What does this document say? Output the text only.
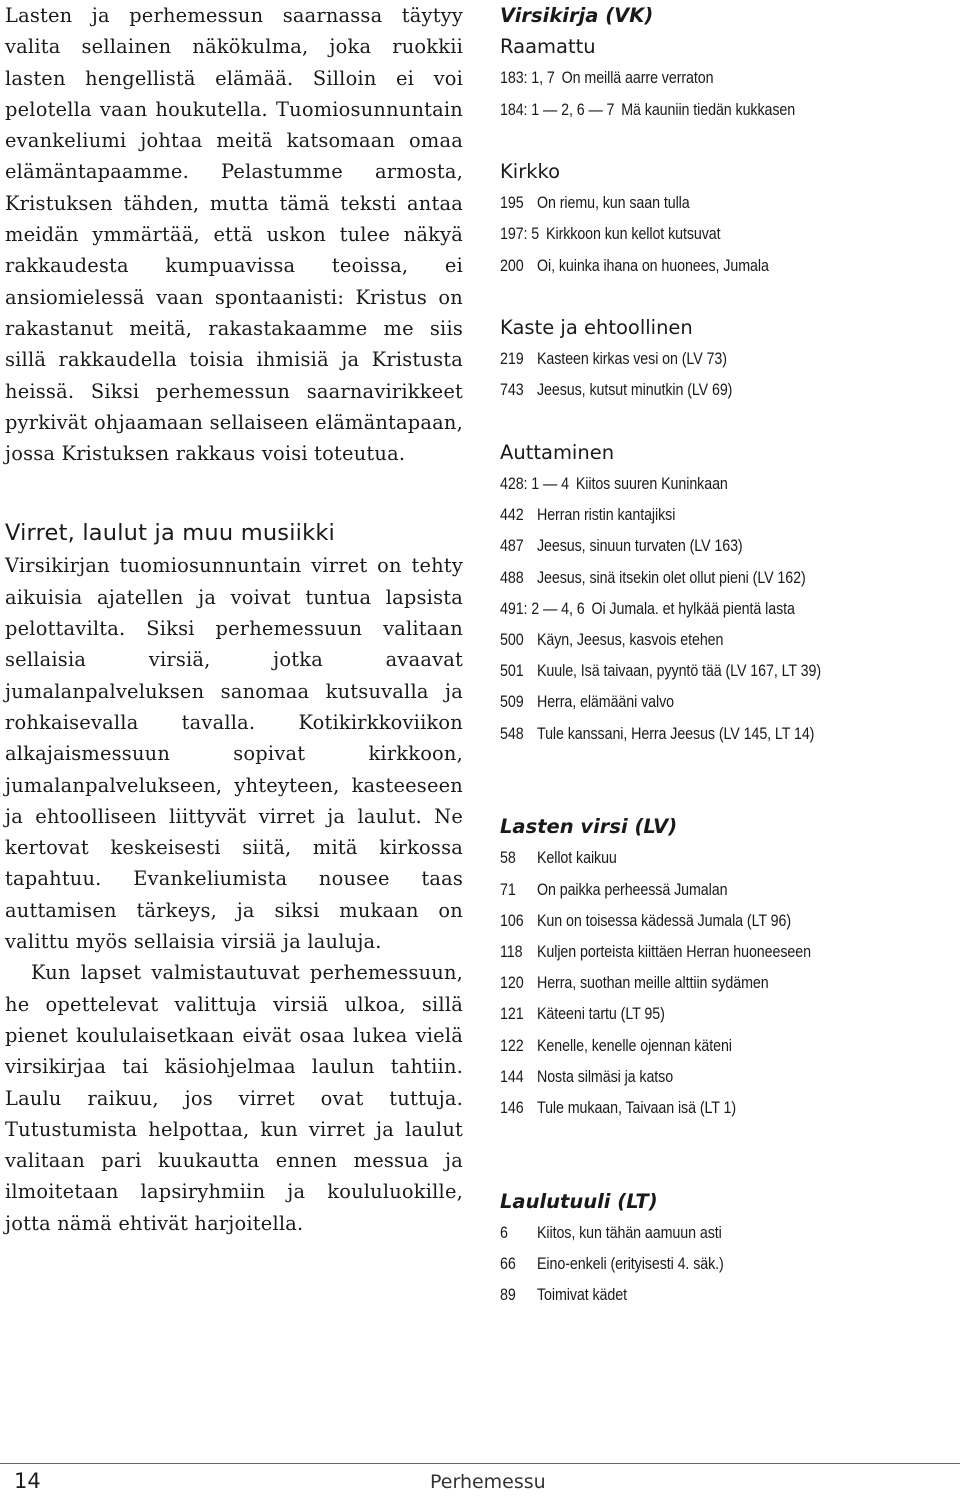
Lasten ja perhemessun saarnassa täytyy valita sellainen näkökulma, joka ruokkii lasten hengellistä elämää. Silloin ei voi pelotella vaan houkutella. Tuomiosunnuntain evankeliumi johtaa meitä katsomaan omaa elämäntapaamme. Pelastumme armosta, Kristuksen tähden, mutta tämä teksti antaa meidän ymmärtää, että uskon tulee näkyä rakkaudesta kumpuavissa teoissa, ei ansiomielessä vaan spontaanisti: Kristus on rakastanut meitä, rakastakaamme me siis sillä rakkaudella toisia ihmisiä ja Kristusta heissä. Siksi perhemessun saarnavirikkeet pyrkivät ohjaamaan sellaiseen elämäntapaan, jossa Kristuksen rakkaus voisi toteutua.

Virret, laulut ja muu musiikki

Virsikirjan tuomiosunnuntain virret on tehty aikuisia ajatellen ja voivat tuntua lapsista pelottavilta. Siksi perhemessuun valitaan sellaisia virsiä, jotka avaavat jumalanpalveluksen sanomaa kutsuvalla ja rohkaisevalla tavalla. Kotikirkkoviikon alkajaismessuun sopivat kirkkoon, jumalanpalvelukseen, yhteyteen, kasteeseen ja ehtoolliseen liittyvät virret ja laulut. Ne kertovat keskeisesti siitä, mitä kirkossa tapahtuu. Evankeliumista nousee taas auttamisen tärkeys, ja siksi mukaan on valittu myös sellaisia virsiä ja lauluja.

Kun lapset valmistautuvat perhemessuun, he opettelevat valittuja virsiä ulkoa, sillä pienet koululaisetkaan eivät osaa lukea vielä virsikirjaa tai käsiohjelmaa laulun tahtiin. Laulu raikuu, jos virret ovat tuttuja. Tutustumista helpottaa, kun virret ja laulut valitaan pari kuukautta ennen messua ja ilmoitetaan lapsiryhmiin ja koululuokille, jotta nämä ehtivät harjoitella.

Virsikirja (VK)
Raamattu
183: 1, 7 On meillä aarre verraton
184: 1 — 2, 6 — 7 Mä kauniin tiedän kukkasen
Kirkko
195 On riemu, kun saan tulla
197: 5 Kirkkoon kun kellot kutsuvat
200 Oi, kuinka ihana on huonees, Jumala
Kaste ja ehtoollinen
219 Kasteen kirkas vesi on (LV 73)
743 Jeesus, kutsut minutkin (LV 69)
Auttaminen
428: 1 — 4 Kiitos suuren Kuninkaan
442 Herran ristin kantajiksi
487 Jeesus, sinuun turvaten (LV 163)
488 Jeesus, sinä itsekin olet ollut pieni (LV 162)
491: 2 — 4, 6 Oi Jumala. et hylkää pientä lasta
500 Käyn, Jeesus, kasvois etehen
501 Kuule, Isä taivaan, pyyntö tää (LV 167, LT 39)
509 Herra, elämääni valvo
548 Tule kanssani, Herra Jeesus (LV 145, LT 14)
Lasten virsi (LV)
58	Kellot kaikuu
71	On paikka perheessä Jumalan
106 Kun on toisessa kädessä Jumala (LT 96)
118 Kuljen porteista kiittäen Herran huoneeseen
120 Herra, suothan meille alttiin sydämen
121 Käteeni tartu (LT 95)
122 Kenelle, kenelle ojennan käteni
144 Nosta silmäsi ja katso
146 Tule mukaan, Taivaan isä (LT 1)
Laulutuuli (LT)
6	Kiitos, kun tähän aamuun asti
66	Eino-enkeli (erityisesti 4. säk.)
89	Toimivat kädet
14	Perhemessu
